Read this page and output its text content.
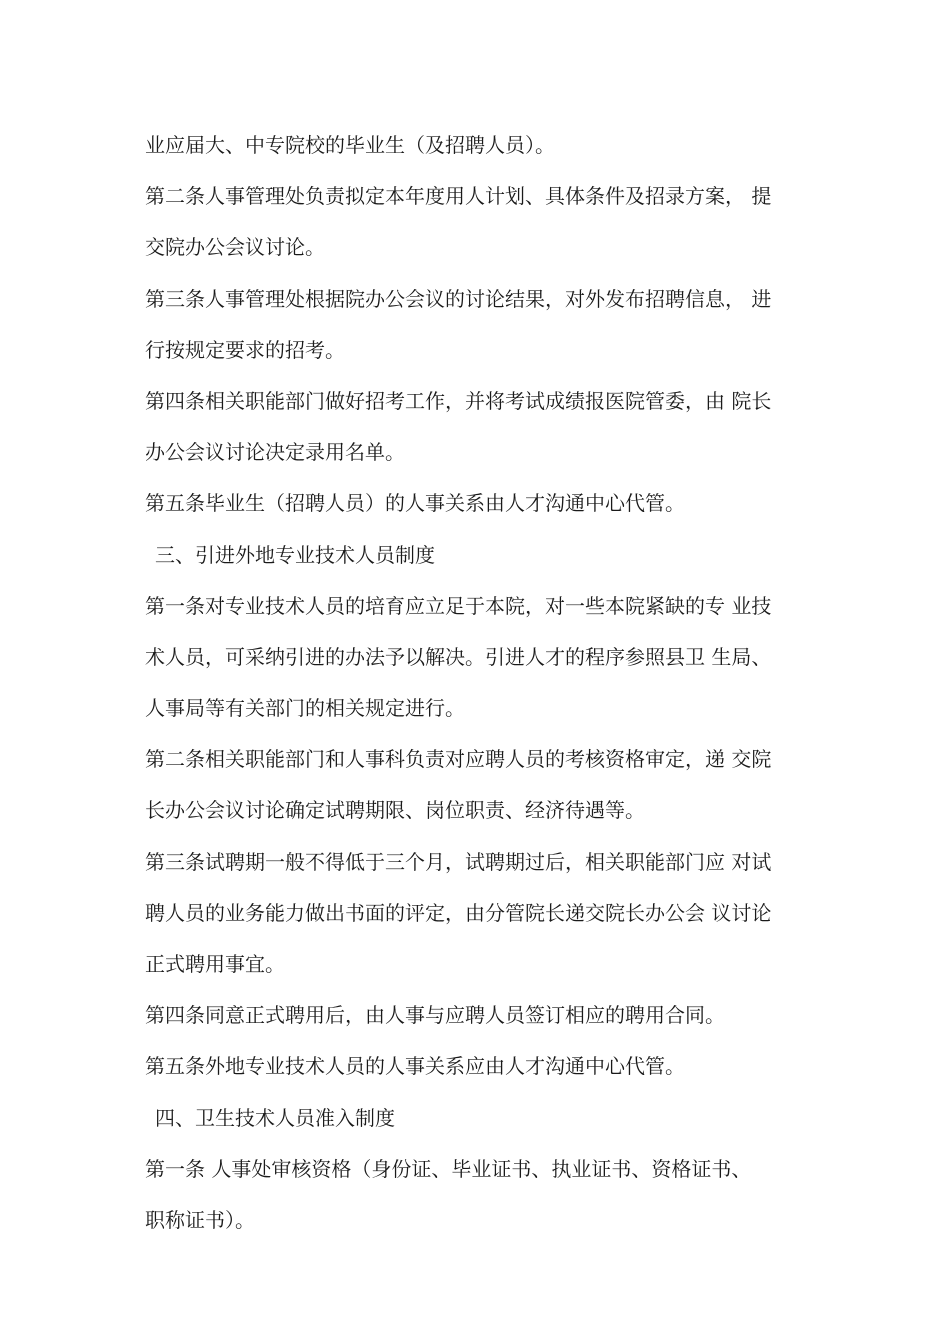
业应届大、中专院校的毕业生（及招聘人员）。
第二条人事管理处负责拟定本年度用人计划、具体条件及招录方案， 提
交院办公会议讨论。
第三条人事管理处根据院办公会议的讨论结果，对外发布招聘信息， 进
行按规定要求的招考。
第四条相关职能部门做好招考工作，并将考试成绩报医院管委，由 院长
办公会议讨论决定录用名单。
第五条毕业生（招聘人员）的人事关系由人才沟通中心代管。
三、引进外地专业技术人员制度
第一条对专业技术人员的培育应立足于本院，对一些本院紧缺的专 业技
术人员，可采纳引进的办法予以解决。引进人才的程序参照县卫 生局、
人事局等有关部门的相关规定进行。
第二条相关职能部门和人事科负责对应聘人员的考核资格审定，递 交院
长办公会议讨论确定试聘期限、岗位职责、经济待遇等。
第三条试聘期一般不得低于三个月，试聘期过后，相关职能部门应 对试
聘人员的业务能力做出书面的评定，由分管院长递交院长办公会 议讨论
正式聘用事宜。
第四条同意正式聘用后，由人事与应聘人员签订相应的聘用合同。
第五条外地专业技术人员的人事关系应由人才沟通中心代管。
四、卫生技术人员准入制度
第一条 人事处审核资格（身份证、毕业证书、执业证书、资格证书、
职称证书）。
